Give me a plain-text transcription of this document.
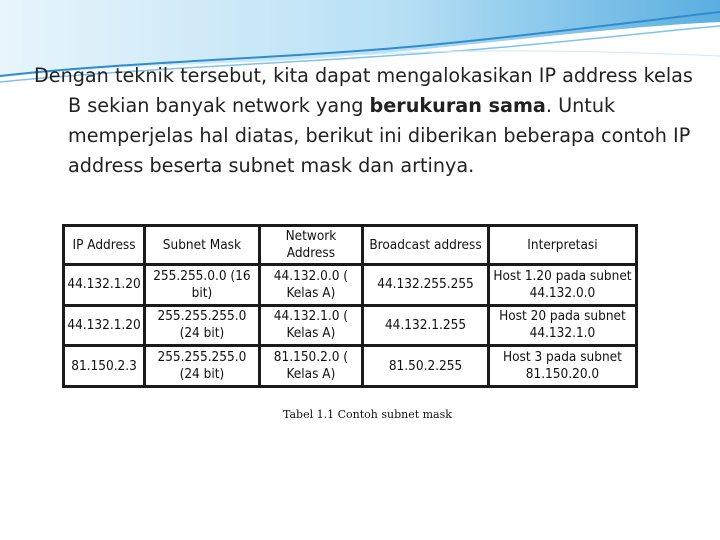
Dengan teknik tersebut, kita dapat mengalokasikan IP address kelas B sekian banyak network yang berukuran sama. Untuk memperjelas hal diatas, berikut ini diberikan beberapa contoh IP address beserta subnet mask dan artinya.

IP Address	Subnet Mask	Network Address	Broadcast address	Interpretasi
44.132.1.20	255.255.0.0 (16 bit)	44.132.0.0 ( Kelas A)	44.132.255.255	Host 1.20 pada subnet 44.132.0.0
44.132.1.20	255.255.255.0 (24 bit)	44.132.1.0 ( Kelas A)	44.132.1.255	Host 20 pada subnet 44.132.1.0
81.150.2.3	255.255.255.0 (24 bit)	81.150.2.0 ( Kelas A)	81.50.2.255	Host 3 pada subnet 81.150.20.0
Tabel 1.1 Contoh subnet mask
